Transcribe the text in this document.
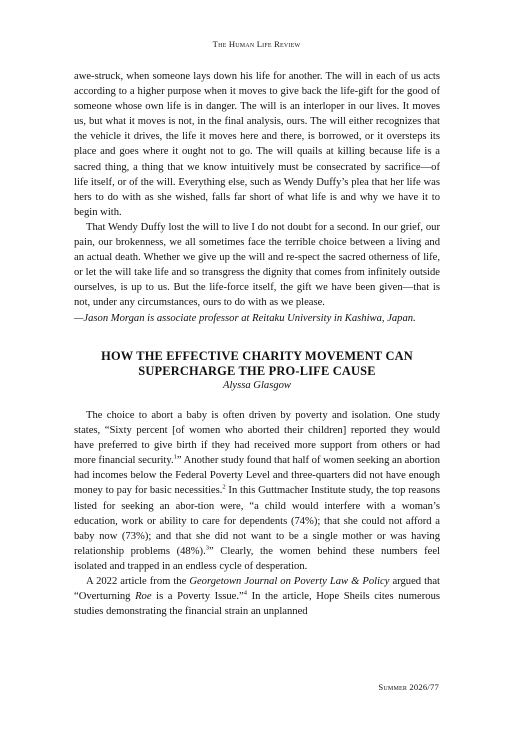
The Human Life Review

awe-struck, when someone lays down his life for another. The will in each of us acts according to a higher purpose when it moves to give back the life-gift for the good of someone whose own life is in danger. The will is an interloper in our lives. It moves us, but what it moves is not, in the final analysis, ours. The will either recognizes that the vehicle it drives, the life it moves here and there, is borrowed, or it oversteps its place and goes where it ought not to go. The will quails at killing because life is a sacred thing, a thing that we know intuitively must be consecrated by sacrifice—of life itself, or of the will. Everything else, such as Wendy Duffy’s plea that her life was hers to do with as she wished, falls far short of what life is and why we have it to begin with.

That Wendy Duffy lost the will to live I do not doubt for a second. In our grief, our pain, our brokenness, we all sometimes face the terrible choice between a living and an actual death. Whether we give up the will and re-spect the sacred otherness of life, or let the will take life and so transgress the dignity that comes from infinitely outside ourselves, is up to us. But the life-force itself, the gift we have been given—that is not, under any circumstances, ours to do with as we please.

—Jason Morgan is associate professor at Reitaku University in Kashiwa, Japan.

HOW THE EFFECTIVE CHARITY MOVEMENT CAN SUPERCHARGE THE PRO-LIFE CAUSE
Alyssa Glasgow

The choice to abort a baby is often driven by poverty and isolation. One study states, “Sixty percent [of women who aborted their children] reported they would have preferred to give birth if they had received more support from others or had more financial security.$^1$” Another study found that half of women seeking an abortion had incomes below the Federal Poverty Level and three-quarters did not have enough money to pay for basic necessities.$^2$ In this Guttmacher Institute study, the top reasons listed for seeking an abor-tion were, “a child would interfere with a woman’s education, work or ability to care for dependents (74%); that she could not afford a baby now (73%); and that she did not want to be a single mother or was having relationship problems (48%).$^3$” Clearly, the women behind these numbers feel isolated and trapped in an endless cycle of desperation.

A 2022 article from the Georgetown Journal on Poverty Law & Policy argued that “Overturning Roe is a Poverty Issue.”$^4$ In the article, Hope Sheils cites numerous studies demonstrating the financial strain an unplanned

Summer 2026/77
